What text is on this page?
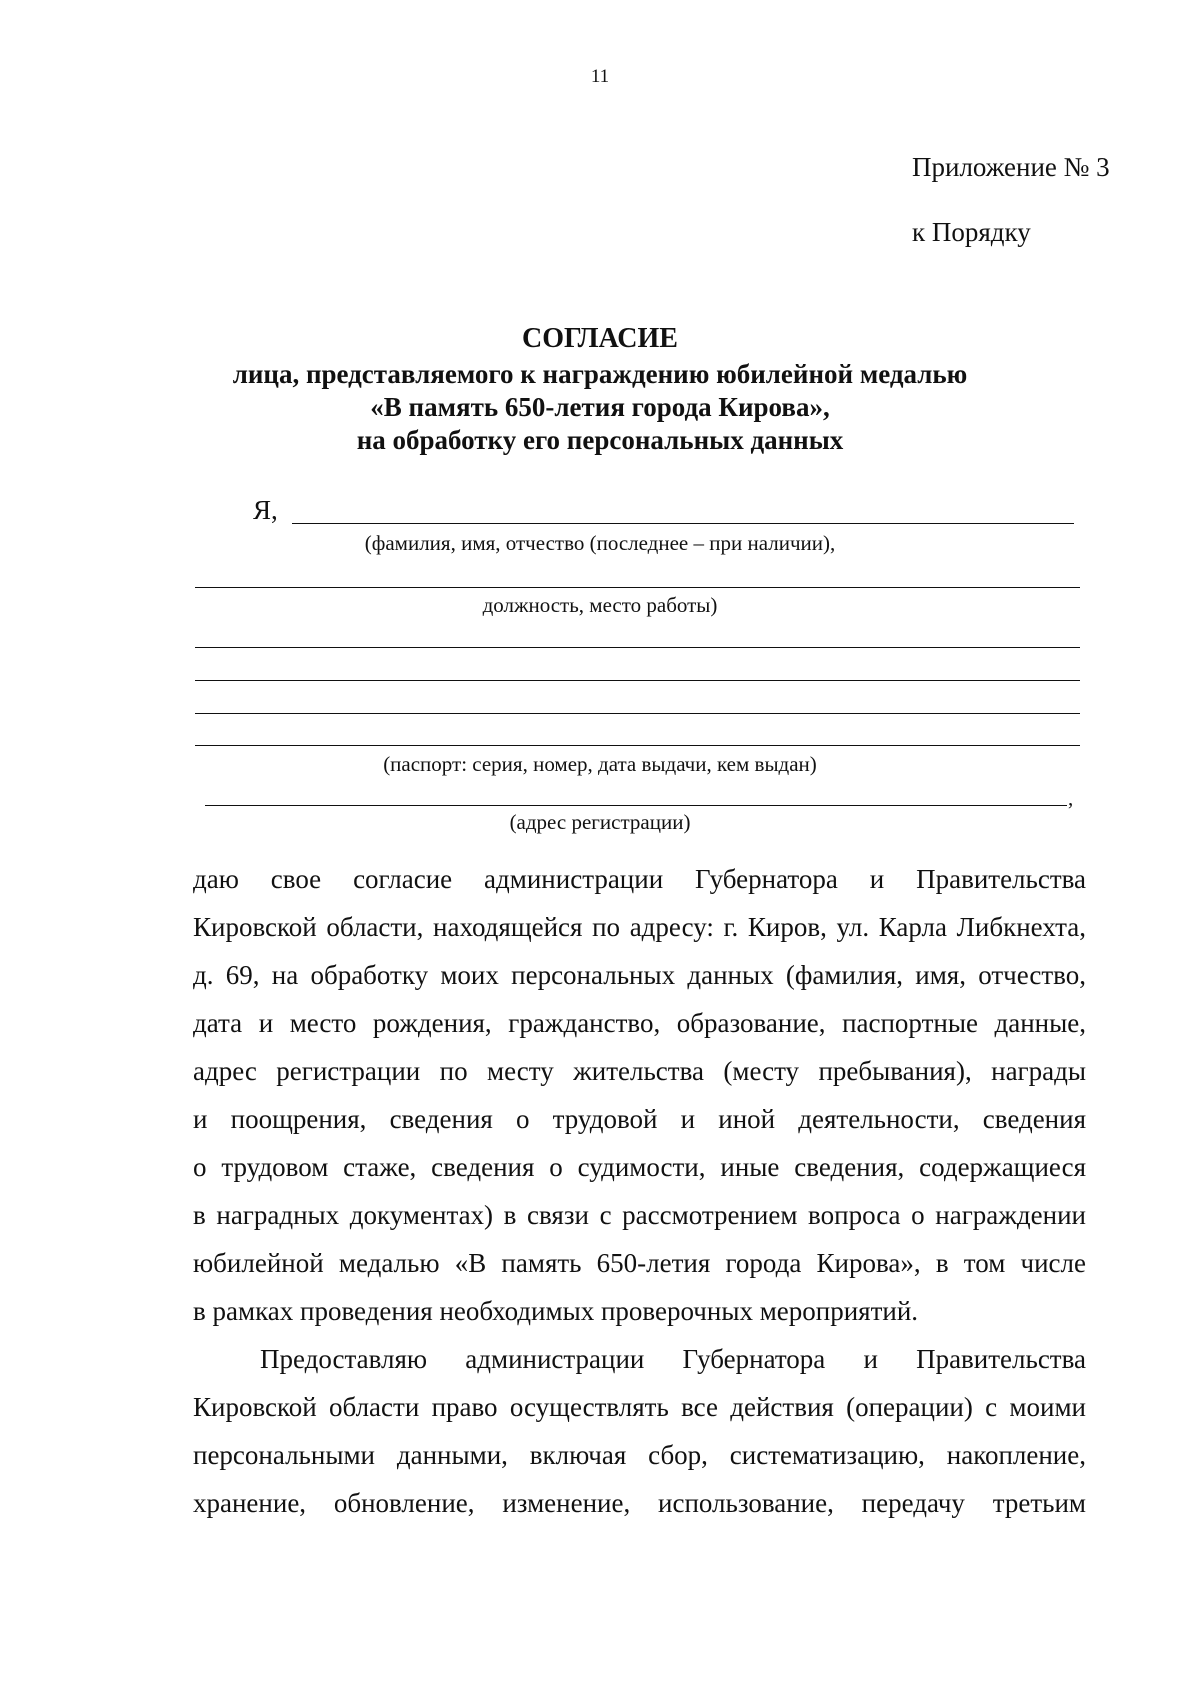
11
Приложение № 3
к Порядку
СОГЛАСИЕ
лица, представляемого к награждению юбилейной медалью
«В память 650-летия города Кирова»,
на обработку его персональных данных
Я,
(фамилия, имя, отчество (последнее – при наличии),
должность, место работы)
(паспорт: серия, номер, дата выдачи, кем выдан)
,
(адрес регистрации)
даю свое согласие администрации Губернатора и Правительства
Кировской области, находящейся по адресу: г. Киров, ул. Карла Либкнехта,
д. 69, на обработку моих персональных данных (фамилия, имя, отчество,
дата и место рождения, гражданство, образование, паспортные данные,
адрес регистрации по месту жительства (месту пребывания), награды
и поощрения, сведения о трудовой и иной деятельности, сведения
о трудовом стаже, сведения о судимости, иные сведения, содержащиеся
в наградных документах) в связи с рассмотрением вопроса о награждении
юбилейной медалью «В память 650-летия города Кирова», в том числе
в рамках проведения необходимых проверочных мероприятий.
Предоставляю администрации Губернатора и Правительства
Кировской области право осуществлять все действия (операции) с моими
персональными данными, включая сбор, систематизацию, накопление,
хранение, обновление, изменение, использование, передачу третьим
